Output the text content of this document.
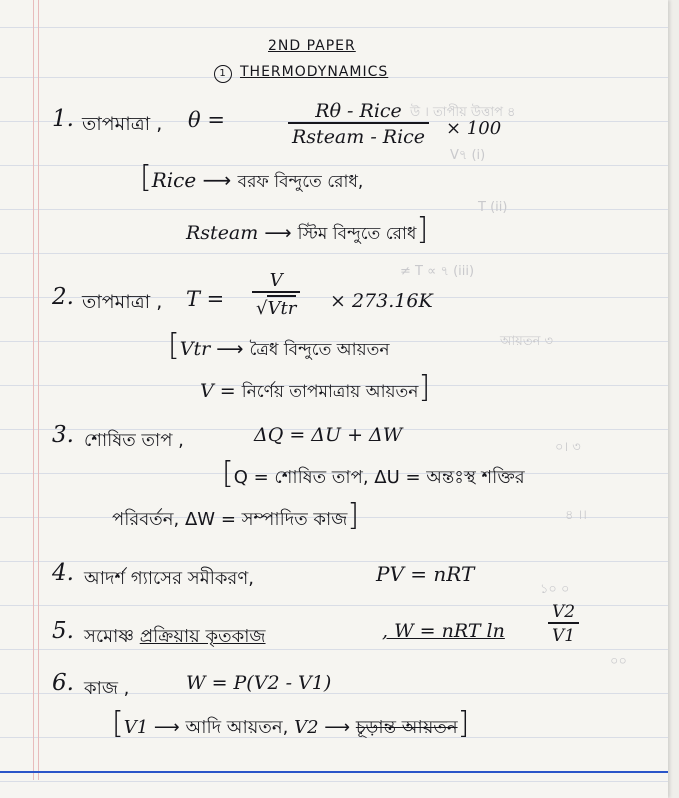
উ । তাপীয় উত্তাপ ৪
V৭ (i)
T (ii)
≠ T ∝ ৭ (iii)
আয়তন ৩
০। ৩
৪ ।।
১০ ০
০০
2ND PAPER
1 THERMODYNAMICS
1. তাপমাত্রা , θ =	Rθ - Rice
Rsteam - Rice × 100
[Rice ⟶ বরফ বিন্দুতে রোধ,
Rsteam ⟶ স্টিম বিন্দুতে রোধ]
2. তাপমাত্রা , T =
V
√Vtr × 273.16K
[Vtr ⟶ ত্রৈধ বিন্দুতে আয়তন
V = নির্ণেয় তাপমাত্রায় আয়তন]
3. শোষিত তাপ ,	ΔQ = ΔU + ΔW
[Q = শোষিত তাপ, ΔU = অন্তঃস্থ শক্তির
পরিবর্তন, ΔW = সম্পাদিত কাজ]
4. আদর্শ গ্যাসের সমীকরণ,	PV = nRT
5. সমোষ্ণ প্রক্রিয়ায় কৃতকাজ	, W = nRT ln	$\frac{V2}{V1}$
6. কাজ ,	W = P(V2 - V1)
[V1 ⟶ আদি আয়তন, V2 ⟶ চূড়ান্ত আয়তন]
